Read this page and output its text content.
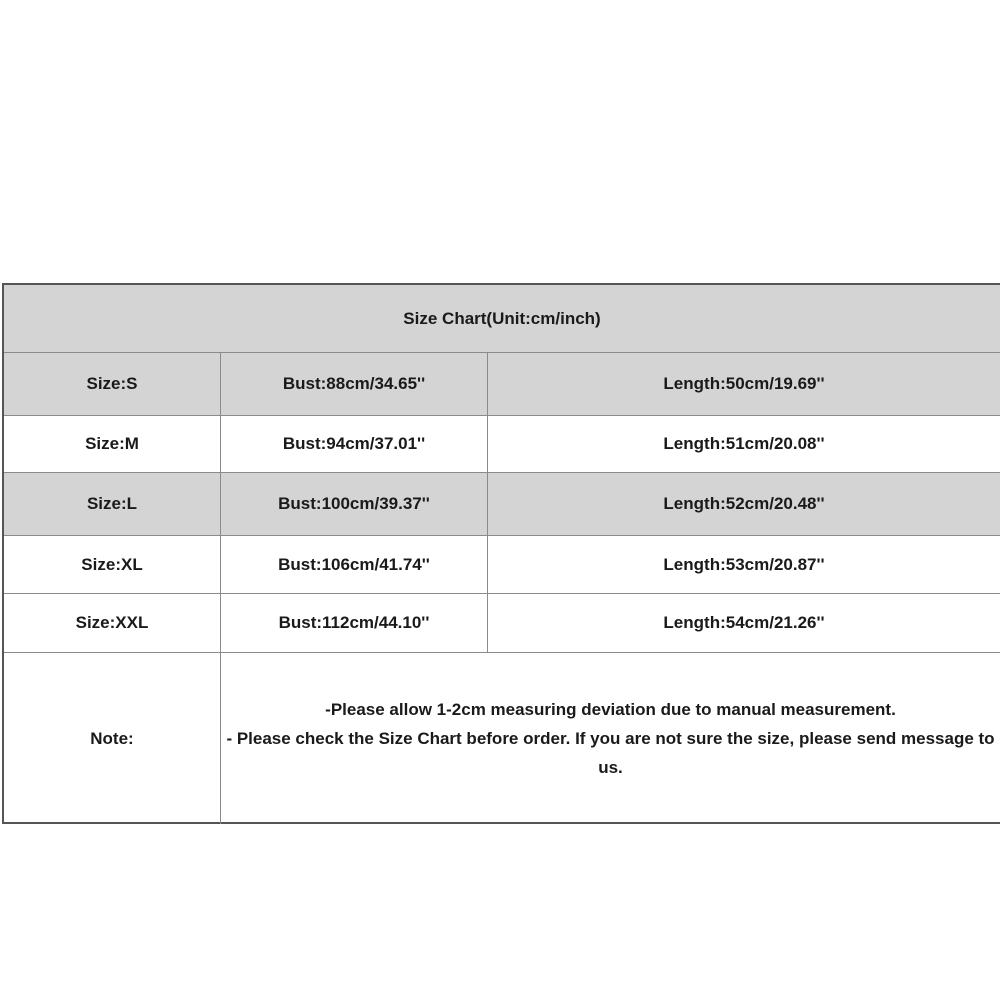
Size Chart(Unit:cm/inch)
Size:S	Bust:88cm/34.65''	Length:50cm/19.69''
Size:M	Bust:94cm/37.01''	Length:51cm/20.08''
Size:L	Bust:100cm/39.37''	Length:52cm/20.48''
Size:XL	Bust:106cm/41.74''	Length:53cm/20.87''
Size:XXL	Bust:112cm/44.10''	Length:54cm/21.26''
Note:
-Please allow 1-2cm measuring deviation due to manual measurement.
- Please check the Size Chart before order. If you are not sure the size, please send message to us.
